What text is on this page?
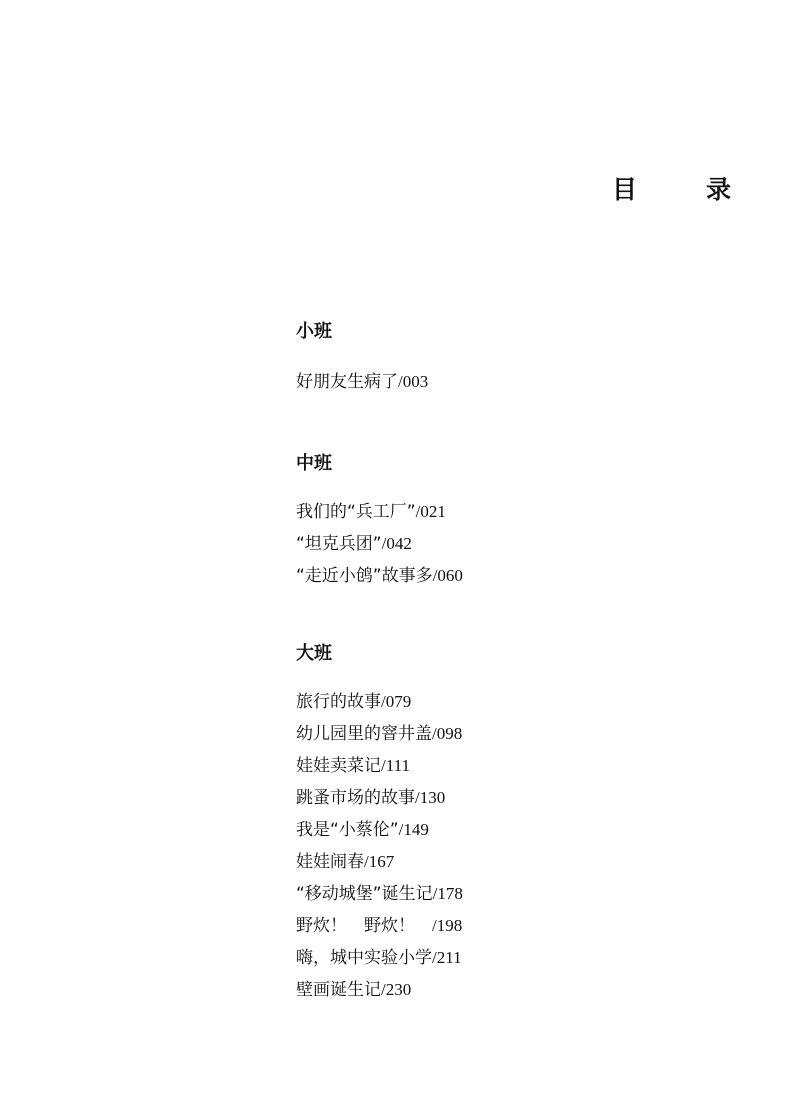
目　录
小班
好朋友生病了/003
中班
我们的“兵工厂”/021
“坦克兵团”/042
“走近小鸧”故事多/060
大班
旅行的故事/079
幼儿园里的窨井盖/098
娃娃卖菜记/111
跳蚤市场的故事/130
我是“小蔡伦”/149
娃娃闹春/167
“移动城堡”诞生记/178
野炊！　野炊！　/198
嗨，城中实验小学/211
壁画诞生记/230
